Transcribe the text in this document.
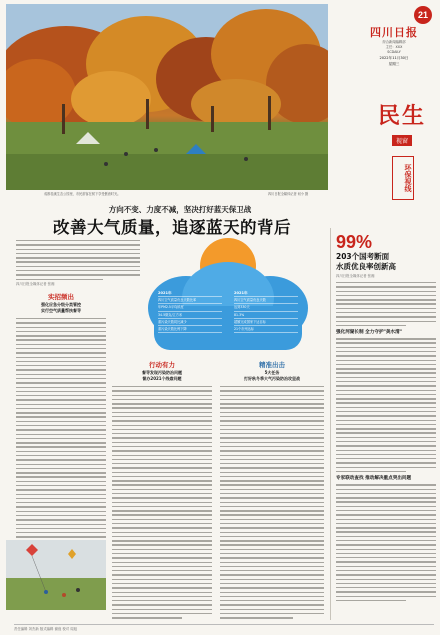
成都桂溪生态公园里，市民游客在树下享受惬意时光。	四川日报全媒体记者 何小 摄
21
四川日报
综合新闻编辑部
主任：XXX
SCDAILY
2022年11月30日
星期三
民生
视窗
环保视线
方向不变、力度不减，坚决打好蓝天保卫战
改善大气质量，追逐蓝天的背后
四川日报全媒体记者 张湘
2021年
四川空气质量优良天数比率
年PM2.5平均浓度
34.5微克/立方米
重污染天数同比减少
重污染天数比例下降
2021年
四川空气质量优良天数
达到330天
81.3%
超额完成国家下达目标
21个市州达标
实招频出
强化应急分级分类管控
实行空气质量帮扶督导
行动有力
督导发现污染防治问题
督办2021个线索问题
精准出击
5大任务
打好秋冬季大气污染防治攻坚战
99%
203个国考断面
水质优良率创新高
四川日报全媒体记者 张湘
强化河湖长制 全力守护"美水清"
专家联动查找 推动解决重点突出问题
责任编辑 刘杰新 版式编辑 谢庭 校对 周旭
